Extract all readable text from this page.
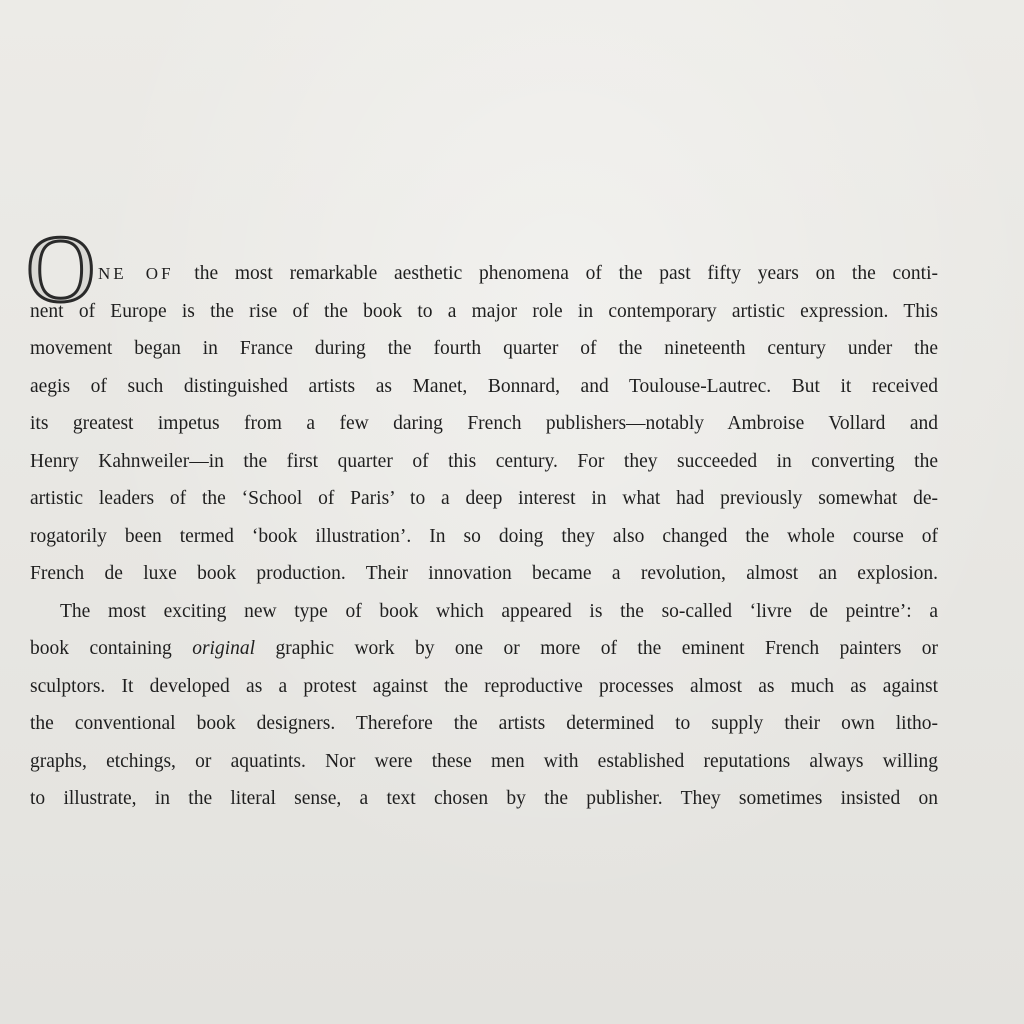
O NE OF the most remarkable aesthetic phenomena of the past fifty years on the conti-
nent of Europe is the rise of the book to a major role in contemporary artistic expression. This
movement began in France during the fourth quarter of the nineteenth century under the
aegis of such distinguished artists as Manet, Bonnard, and Toulouse-Lautrec. But it received
its greatest impetus from a few daring French publishers—notably Ambroise Vollard and
Henry Kahnweiler—in the first quarter of this century. For they succeeded in converting the
artistic leaders of the ‘School of Paris’ to a deep interest in what had previously somewhat de-
rogatorily been termed ‘book illustration’. In so doing they also changed the whole course of
French de luxe book production. Their innovation became a revolution, almost an explosion.
The most exciting new type of book which appeared is the so-called ‘livre de peintre’: a
book containing original graphic work by one or more of the eminent French painters or
sculptors. It developed as a protest against the reproductive processes almost as much as against
the conventional book designers. Therefore the artists determined to supply their own litho-
graphs, etchings, or aquatints. Nor were these men with established reputations always willing
to illustrate, in the literal sense, a text chosen by the publisher. They sometimes insisted on
